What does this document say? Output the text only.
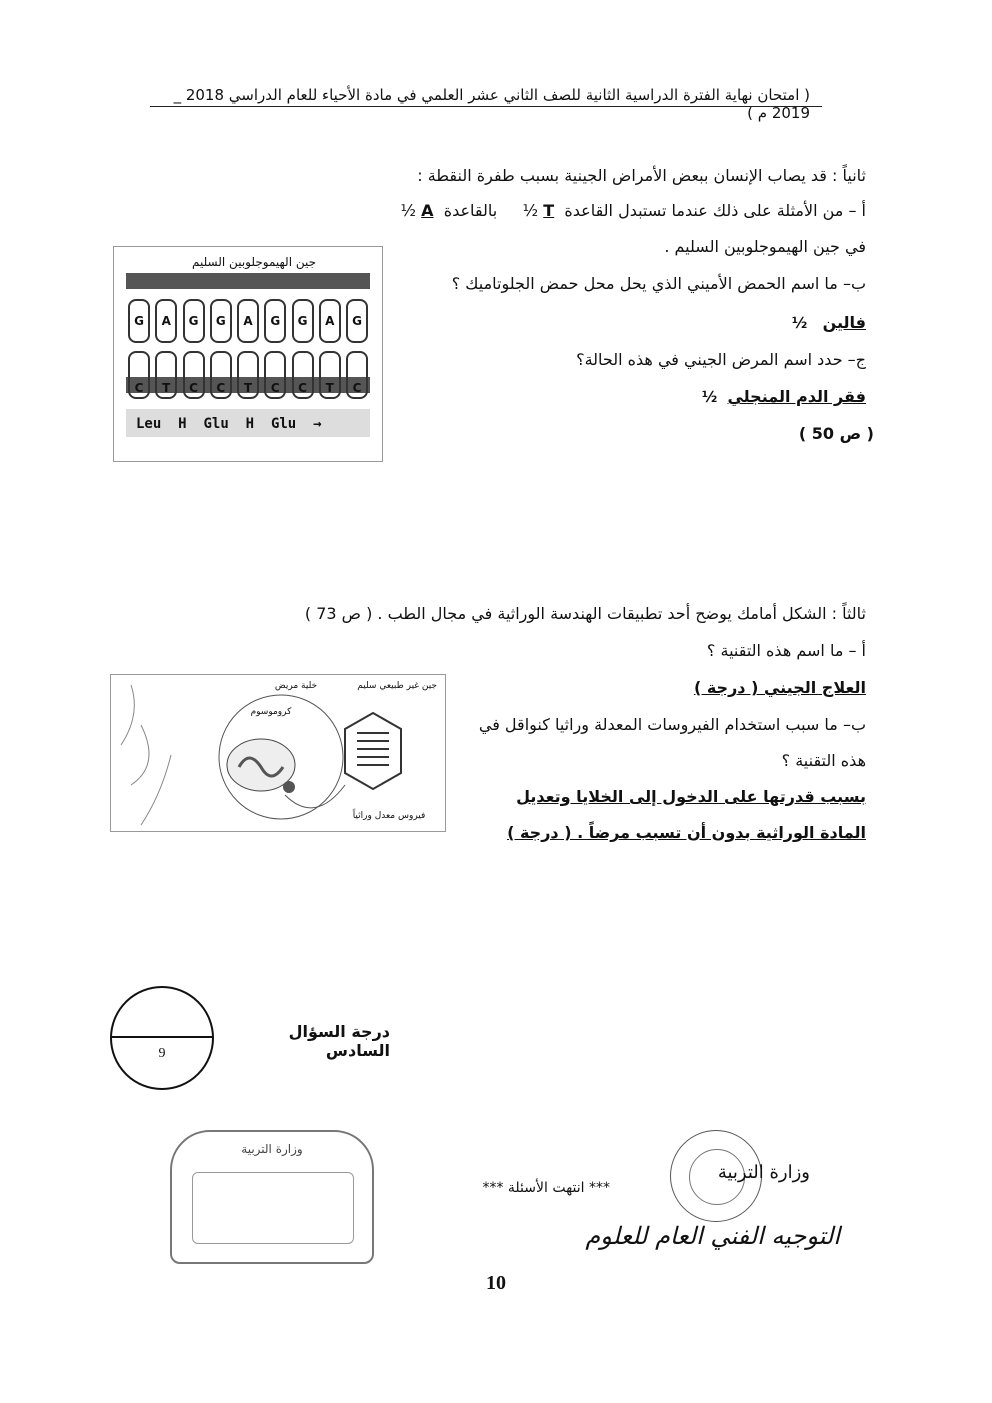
( امتحان نهاية الفترة الدراسية الثانية للصف الثاني عشر العلمي في مادة الأحياء للعام الدراسي 2018 _ 2019 م )
ثانياً : قد يصاب الإنسان ببعض الأمراض الجينية بسبب طفرة النقطة :
أ – من الأمثلة على ذلك عندما تستبدل القاعدة  T ½     بالقاعدة  A ½
في جين الهيموجلوبين السليم .
ب– ما اسم الحمض الأميني الذي يحل محل حمض الجلوتاميك ؟
فالين   ½
ج– حدد اسم المرض الجيني في هذه الحالة؟
فقر الدم المنجلي  ½
( ص 50 )
جين الهيموجلوبين السليم
G	A	G	G	A	G	G	A	G
C	T	C	C	T	C	C	T	C
Leu  H  Glu  H  Glu  →
ثالثاً : الشكل أمامك يوضح أحد تطبيقات الهندسة الوراثية في مجال الطب . ( ص 73 )
أ – ما اسم هذه التقنية ؟
العلاج الجيني ( درجة )
ب– ما سبب استخدام الفيروسات المعدلة وراثيا كنواقل في
هذه التقنية ؟
بسبب قدرتها على الدخول إلى الخلايا وتعديل
المادة الوراثية بدون أن تسبب مرضاً . ( درجة )
جين غير طبيعي سليم
خلية مريض
كروموسوم
فيروس معدل وراثياً
9
درجة السؤال السادس
وزارة التربية
*** انتهت الأسئلة ***
وزارة التربية
التوجيه الفني العام للعلوم
10
